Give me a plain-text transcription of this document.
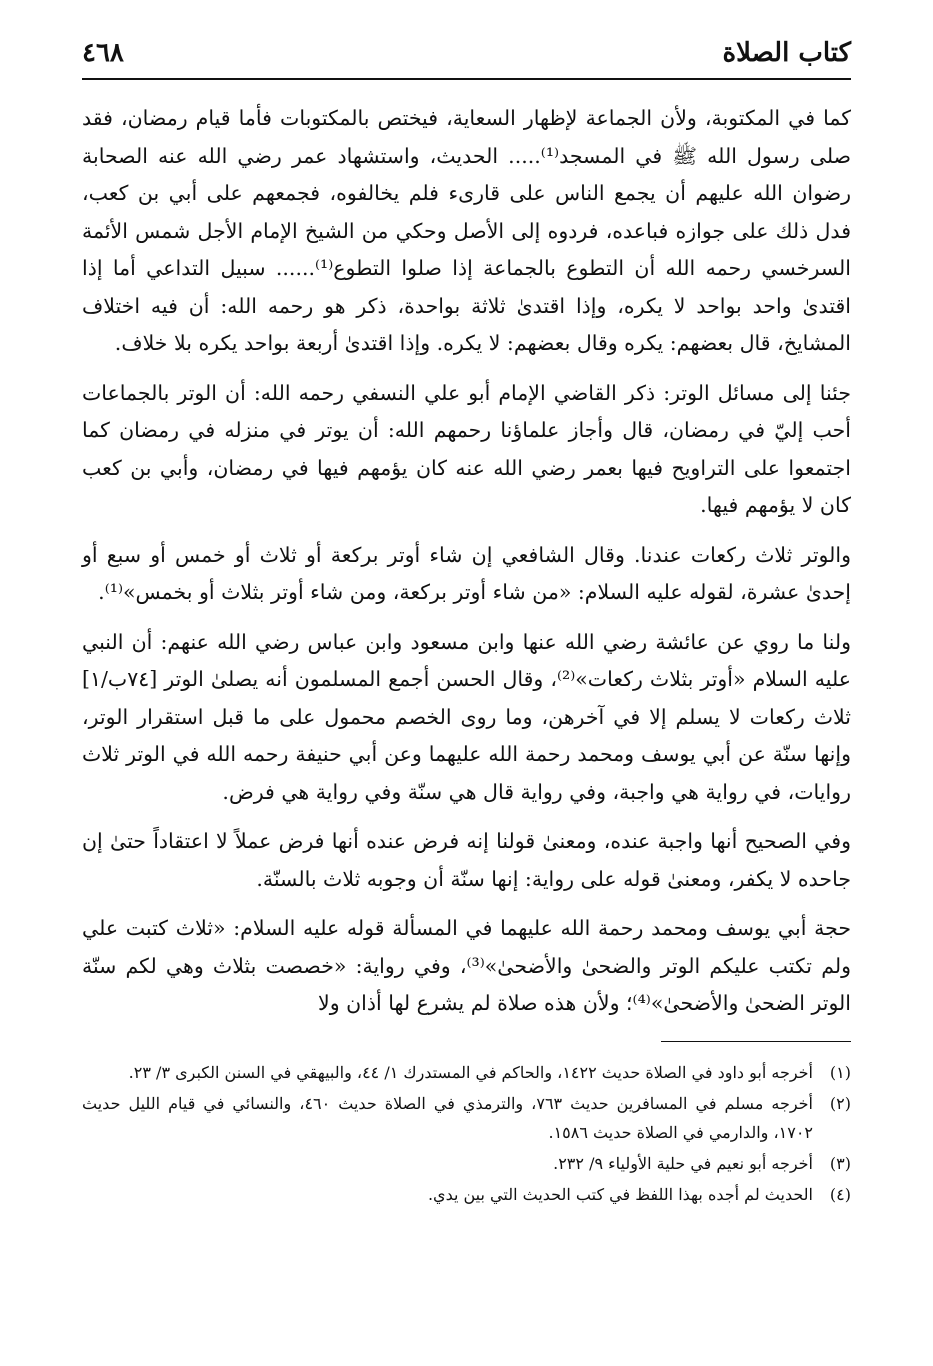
كتاب الصلاة
٤٦٨

كما في المكتوبة، ولأن الجماعة لإظهار السعاية، فيختص بالمكتوبات فأما قيام رمضان، فقد صلى رسول الله ﷺ في المسجد⁽¹⁾..... الحديث، واستشهاد عمر رضي الله عنه الصحابة رضوان الله عليهم أن يجمع الناس على قارىء فلم يخالفوه، فجمعهم على أبي بن كعب، فدل ذلك على جوازه فباعده، فردوه إلى الأصل وحكي من الشيخ الإمام الأجل شمس الأئمة السرخسي رحمه الله أن التطوع بالجماعة إذا صلوا التطوع⁽¹⁾...... سبيل التداعي أما إذا اقتدىٰ واحد بواحد لا يكره، وإذا اقتدىٰ ثلاثة بواحدة، ذكر هو رحمه الله: أن فيه اختلاف المشايخ، قال بعضهم: يكره وقال بعضهم: لا يكره. وإذا اقتدىٰ أربعة بواحد يكره بلا خلاف.

جئنا إلى مسائل الوتر: ذكر القاضي الإمام أبو علي النسفي رحمه الله: أن الوتر بالجماعات أحب إليّ في رمضان، قال وأجاز علماؤنا رحمهم الله: أن يوتر في منزله في رمضان كما اجتمعوا على التراويح فيها بعمر رضي الله عنه كان يؤمهم فيها في رمضان، وأبي بن كعب كان لا يؤمهم فيها.

والوتر ثلاث ركعات عندنا. وقال الشافعي إن شاء أوتر بركعة أو ثلاث أو خمس أو سبع أو إحدىٰ عشرة، لقوله عليه السلام: «من شاء أوتر بركعة، ومن شاء أوتر بثلاث أو بخمس»⁽¹⁾.

ولنا ما روي عن عائشة رضي الله عنها وابن مسعود وابن عباس رضي الله عنهم: أن النبي عليه السلام «أوتر بثلاث ركعات»⁽²⁾، وقال الحسن أجمع المسلمون أنه يصلىٰ الوتر [٧٤ب/١] ثلاث ركعات لا يسلم إلا في آخرهن، وما روى الخصم محمول على ما قبل استقرار الوتر، وإنها سنّة عن أبي يوسف ومحمد رحمة الله عليهما وعن أبي حنيفة رحمه الله في الوتر ثلاث روايات، في رواية هي واجبة، وفي رواية قال هي سنّة وفي رواية هي فرض.

وفي الصحيح أنها واجبة عنده، ومعنىٰ قولنا إنه فرض عنده أنها فرض عملاً لا اعتقاداً حتىٰ إن جاحده لا يكفر، ومعنىٰ قوله على رواية: إنها سنّة أن وجوبه ثلاث بالسنّة.

حجة أبي يوسف ومحمد رحمة الله عليهما في المسألة قوله عليه السلام: «ثلاث كتبت علي ولم تكتب عليكم الوتر والضحىٰ والأضحىٰ»⁽³⁾، وفي رواية: «خصصت بثلاث وهي لكم سنّة الوتر الضحىٰ والأضحىٰ»⁽⁴⁾؛ ولأن هذه صلاة لم يشرع لها أذان ولا

(١)
أخرجه أبو داود في الصلاة حديث ١٤٢٢، والحاكم في المستدرك ١/ ٤٤، والبيهقي في السنن الكبرى ٣/ ٢٣.
(٢)
أخرجه مسلم في المسافرين حديث ٧٦٣، والترمذي في الصلاة حديث ٤٦٠، والنسائي في قيام الليل حديث ١٧٠٢، والدارمي في الصلاة حديث ١٥٨٦.
(٣)
أخرجه أبو نعيم في حلية الأولياء ٩/ ٢٣٢.
(٤)
الحديث لم أجده بهذا اللفظ في كتب الحديث التي بين يدي.
